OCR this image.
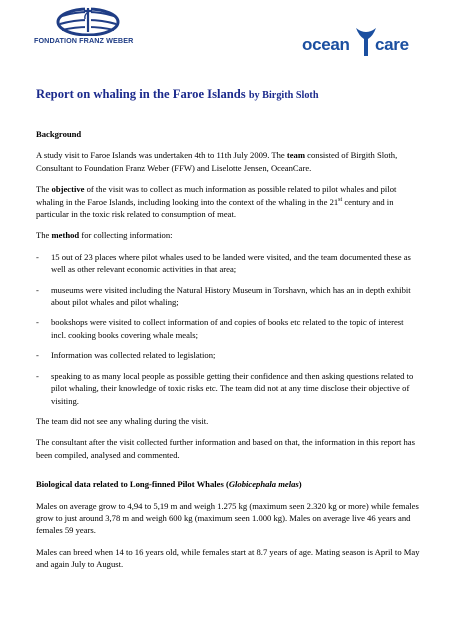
FONDATION FRANZ WEBER	ocean care
Report on whaling in the Faroe Islands by Birgith Sloth
Background
A study visit to Faroe Islands was undertaken 4th to 11th July 2009. The team consisted of Birgith Sloth, Consultant to Foundation Franz Weber (FFW) and Liselotte Jensen, OceanCare.
The objective of the visit was to collect as much information as possible related to pilot whales and pilot whaling in the Faroe Islands, including looking into the context of the whaling in the 21st century and in particular in the toxic risk related to consumption of meat.
The method for collecting information:
- 15 out of 23 places where pilot whales used to be landed were visited, and the team documented these as well as other relevant economic activities in that area;
- museums were visited including the Natural History Museum in Torshavn, which has an in depth exhibit about pilot whales and pilot whaling;
- bookshops were visited to collect information of and copies of books etc related to the topic of interest incl. cooking books covering whale meals;
- Information was collected related to legislation;
- speaking to as many local people as possible getting their confidence and then asking questions related to pilot whaling, their knowledge of toxic risks etc. The team did not at any time disclose their objective of visiting.
The team did not see any whaling during the visit.
The consultant after the visit collected further information and based on that, the information in this report has been compiled, analysed and commented.
Biological data related to Long-finned Pilot Whales (Globicephala melas)
Males on average grow to 4,94 to 5,19 m and weigh 1.275 kg (maximum seen 2.320 kg or more) while females grow to just around 3,78 m and weigh 600 kg (maximum seen 1.000 kg). Males on average live 46 years and females 59 years.
Males can breed when 14 to 16 years old, while females start at 8.7 years of age. Mating season is April to May and again July to August.
